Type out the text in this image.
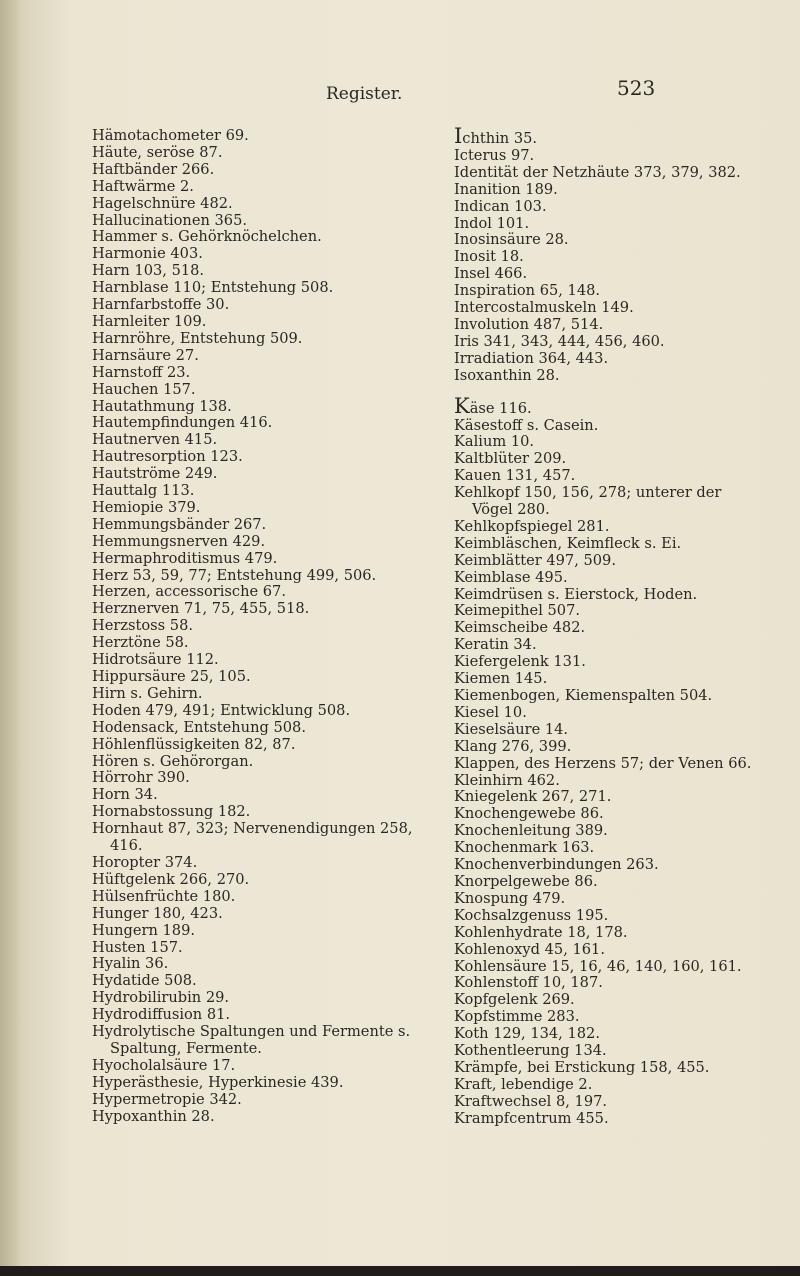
Register.	523

Hämotachometer 69.

Häute, seröse 87.

Haftbänder 266.

Haftwärme 2.

Hagelschnüre 482.

Hallucinationen 365.

Hammer s. Gehörknöchelchen.

Harmonie 403.

Harn 103, 518.

Harnblase 110; Entstehung 508.

Harnfarbstoffe 30.

Harnleiter 109.

Harnröhre, Entstehung 509.

Harnsäure 27.

Harnstoff 23.

Hauchen 157.

Hautathmung 138.

Hautempfindungen 416.

Hautnerven 415.

Hautresorption 123.

Hautströme 249.

Hauttalg 113.

Hemiopie 379.

Hemmungsbänder 267.

Hemmungsnerven 429.

Hermaphroditismus 479.

Herz 53, 59, 77; Entstehung 499, 506.

Herzen, accessorische 67.

Herznerven 71, 75, 455, 518.

Herzstoss 58.

Herztöne 58.

Hidrotsäure 112.

Hippursäure 25, 105.

Hirn s. Gehirn.

Hoden 479, 491; Entwicklung 508.

Hodensack, Entstehung 508.

Höhlenflüssigkeiten 82, 87.

Hören s. Gehörorgan.

Hörrohr 390.

Horn 34.

Hornabstossung 182.

Hornhaut 87, 323; Nervenendigungen 258, 416.

Horopter 374.

Hüftgelenk 266, 270.

Hülsenfrüchte 180.

Hunger 180, 423.

Hungern 189.

Husten 157.

Hyalin 36.

Hydatide 508.

Hydrobilirubin 29.

Hydrodiffusion 81.

Hydrolytische Spaltungen und Fermente s. Spaltung, Fermente.

Hyocholalsäure 17.

Hyperästhesie, Hyperkinesie 439.

Hypermetropie 342.

Hypoxanthin 28.

Ichthin 35.

Icterus 97.

Identität der Netzhäute 373, 379, 382.

Inanition 189.

Indican 103.

Indol 101.

Inosinsäure 28.

Inosit 18.

Insel 466.

Inspiration 65, 148.

Intercostalmuskeln 149.

Involution 487, 514.

Iris 341, 343, 444, 456, 460.

Irradiation 364, 443.

Isoxanthin 28.

Käse 116.

Käsestoff s. Casein.

Kalium 10.

Kaltblüter 209.

Kauen 131, 457.

Kehlkopf 150, 156, 278; unterer der Vögel 280.

Kehlkopfspiegel 281.

Keimbläschen, Keimfleck s. Ei.

Keimblätter 497, 509.

Keimblase 495.

Keimdrüsen s. Eierstock, Hoden.

Keimepithel 507.

Keimscheibe 482.

Keratin 34.

Kiefergelenk 131.

Kiemen 145.

Kiemenbogen, Kiemenspalten 504.

Kiesel 10.

Kieselsäure 14.

Klang 276, 399.

Klappen, des Herzens 57; der Venen 66.

Kleinhirn 462.

Kniegelenk 267, 271.

Knochengewebe 86.

Knochenleitung 389.

Knochenmark 163.

Knochenverbindungen 263.

Knorpelgewebe 86.

Knospung 479.

Kochsalzgenuss 195.

Kohlenhydrate 18, 178.

Kohlenoxyd 45, 161.

Kohlensäure 15, 16, 46, 140, 160, 161.

Kohlenstoff 10, 187.

Kopfgelenk 269.

Kopfstimme 283.

Koth 129, 134, 182.

Kothentleerung 134.

Krämpfe, bei Erstickung 158, 455.

Kraft, lebendige 2.

Kraftwechsel 8, 197.

Krampfcentrum 455.
